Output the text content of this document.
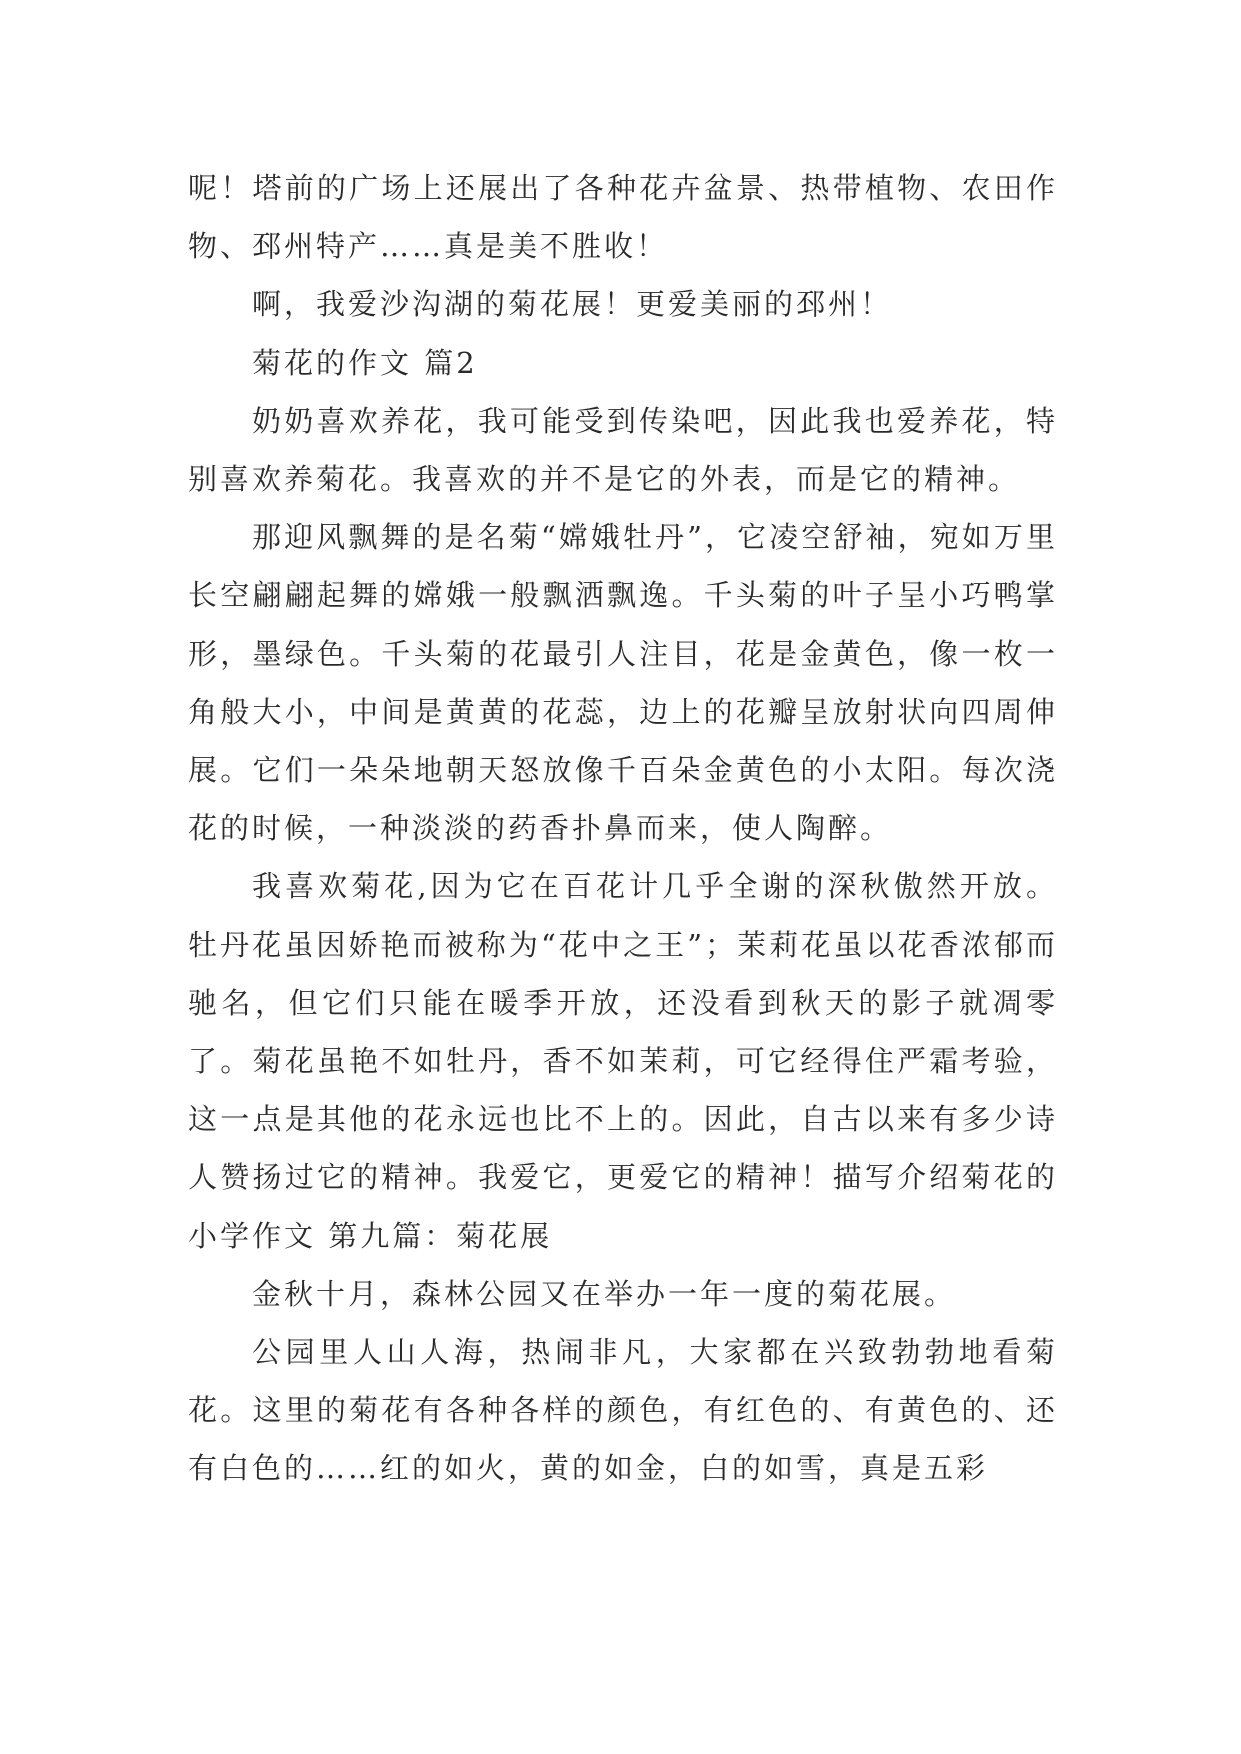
呢！塔前的广场上还展出了各种花卉盆景、热带植物、农田作物、邳州特产……真是美不胜收！

啊，我爱沙沟湖的菊花展！更爱美丽的邳州！

菊花的作文 篇2

奶奶喜欢养花，我可能受到传染吧，因此我也爱养花，特别喜欢养菊花。我喜欢的并不是它的外表，而是它的精神。

那迎风飘舞的是名菊“嫦娥牡丹”，它凌空舒袖，宛如万里长空翩翩起舞的嫦娥一般飘洒飘逸。千头菊的叶子呈小巧鸭掌形，墨绿色。千头菊的花最引人注目，花是金黄色，像一枚一角般大小，中间是黄黄的花蕊，边上的花瓣呈放射状向四周伸展。它们一朵朵地朝天怒放像千百朵金黄色的小太阳。每次浇花的时候，一种淡淡的药香扑鼻而来，使人陶醉。

我喜欢菊花,因为它在百花计几乎全谢的深秋傲然开放。牡丹花虽因娇艳而被称为“花中之王”；茉莉花虽以花香浓郁而驰名，但它们只能在暖季开放，还没看到秋天的影子就凋零了。菊花虽艳不如牡丹，香不如茉莉，可它经得住严霜考验，这一点是其他的花永远也比不上的。因此，自古以来有多少诗人赞扬过它的精神。我爱它，更爱它的精神！描写介绍菊花的小学作文 第九篇：菊花展

金秋十月，森林公园又在举办一年一度的菊花展。

公园里人山人海，热闹非凡，大家都在兴致勃勃地看菊花。这里的菊花有各种各样的颜色，有红色的、有黄色的、还有白色的……红的如火，黄的如金，白的如雪，真是五彩
